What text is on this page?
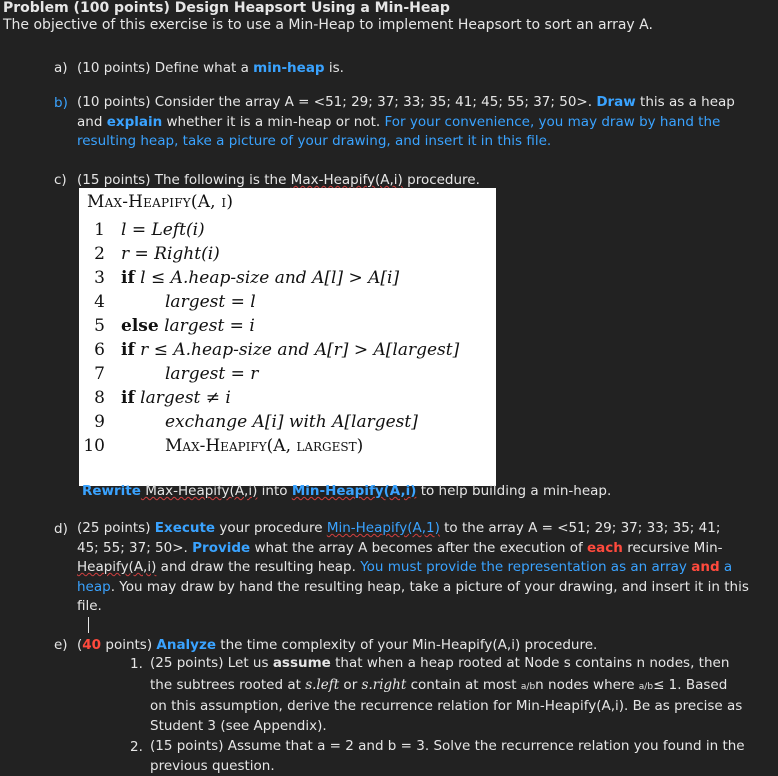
Problem (100 points) Design Heapsort Using a Min-Heap
The objective of this exercise is to use a Min-Heap to implement Heapsort to sort an array A.
a) (10 points) Define what a min-heap is.
b) (10 points) Consider the array A = <51; 29; 37; 33; 35; 41; 45; 55; 37; 50>. Draw this as a heap
and explain whether it is a min-heap or not. For your convenience, you may draw by hand the
resulting heap, take a picture of your drawing, and insert it in this file.
c) (15 points) The following is the Max-Heapify(A,i) procedure.
Max-Heapify(A, i)
1 l = Left(i)
2 r = Right(i)
3 if l ≤ A.heap-size and A[l] > A[i]
4	largest = l
5 else largest = i
6 if r ≤ A.heap-size and A[r] > A[largest]
7	largest = r
8 if largest ≠ i
9	exchange A[i] with A[largest]
10	Max-Heapify(A, largest)
Rewrite Max-Heapify(A,i) into Min-Heapify(A,i) to help building a min-heap.
d) (25 points) Execute your procedure Min-Heapify(A,1) to the array A = <51; 29; 37; 33; 35; 41;
45; 55; 37; 50>. Provide what the array A becomes after the execution of each recursive Min-
Heapify(A,i) and draw the resulting heap. You must provide the representation as an array and a
heap. You may draw by hand the resulting heap, take a picture of your drawing, and insert it in this
file.
e) (40 points) Analyze the time complexity of your Min-Heapify(A,i) procedure.
1. (25 points) Let us assume that when a heap rooted at Node s contains n nodes, then
the subtrees rooted at s.left or s.right contain at most a/bn nodes where a/b≤ 1. Based
on this assumption, derive the recurrence relation for Min-Heapify(A,i). Be as precise as
Student 3 (see Appendix).
2. (15 points) Assume that a = 2 and b = 3. Solve the recurrence relation you found in the
previous question.
